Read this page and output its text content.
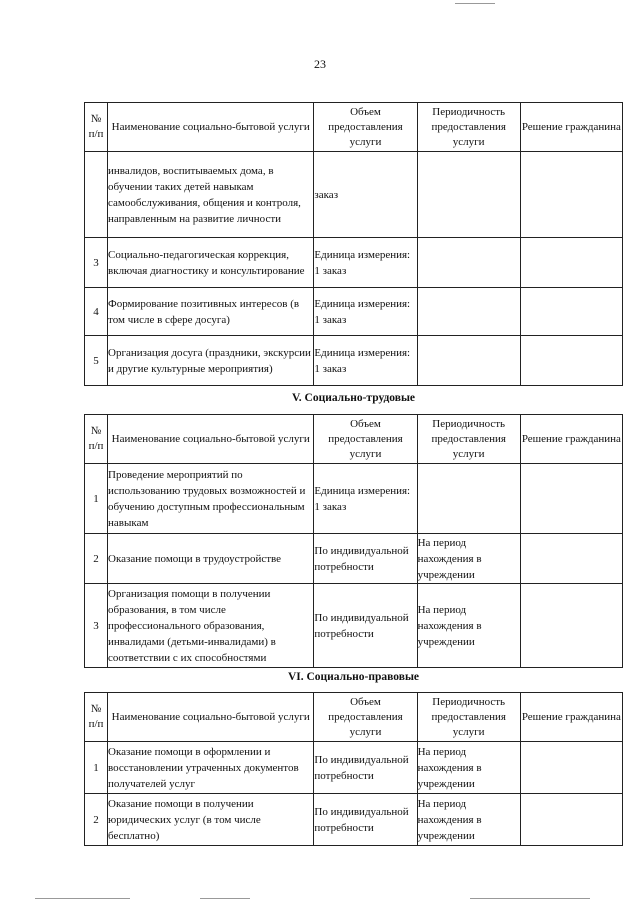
23
№ п/п	Наименование социально-бытовой услуги	Объем предоставления услуги	Периодичность предоставления услуги	Решение гражданина
	инвалидов, воспитываемых дома, в обучении таких детей навыкам самообслуживания, общения и контроля, направленным на развитие личности	заказ		
3	Социально-педагогическая коррекция, включая диагностику и консультирование	Единица измерения: 1 заказ		
4	Формирование позитивных интересов (в том числе в сфере досуга)	Единица измерения: 1 заказ		
5	Организация досуга (праздники, экскурсии и другие культурные мероприятия)	Единица измерения: 1 заказ		
V. Социально-трудовые
№ п/п	Наименование социально-бытовой услуги	Объем предоставления услуги	Периодичность предоставления услуги	Решение гражданина
1	Проведение мероприятий по использованию трудовых возможностей и обучению доступным профессиональным навыкам	Единица измерения: 1 заказ		
2	Оказание помощи в трудоустройстве	По индивидуальной потребности	На период нахождения в учреждении	
3	Организация помощи в получении образования, в том числе профессионального образования, инвалидами (детьми-инвалидами) в соответствии с их способностями	По индивидуальной потребности	На период нахождения в учреждении	
VI. Социально-правовые
№ п/п	Наименование социально-бытовой услуги	Объем предоставления услуги	Периодичность предоставления услуги	Решение гражданина
1	Оказание помощи в оформлении и восстановлении утраченных документов получателей услуг	По индивидуальной потребности	На период нахождения в учреждении	
2	Оказание помощи в получении юридических услуг (в том числе бесплатно)	По индивидуальной потребности	На период нахождения в учреждении	
